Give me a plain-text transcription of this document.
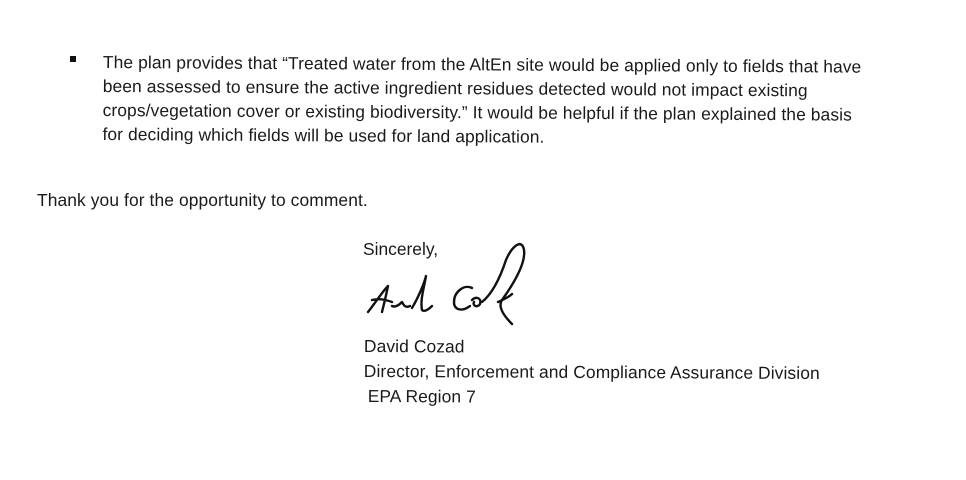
The plan provides that “Treated water from the AltEn site would be applied only to fields that have been assessed to ensure the active ingredient residues detected would not impact existing crops/vegetation cover or existing biodiversity.” It would be helpful if the plan explained the basis for deciding which fields will be used for land application.
Thank you for the opportunity to comment.
Sincerely,
David Cozad
Director, Enforcement and Compliance Assurance Division
EPA Region 7
